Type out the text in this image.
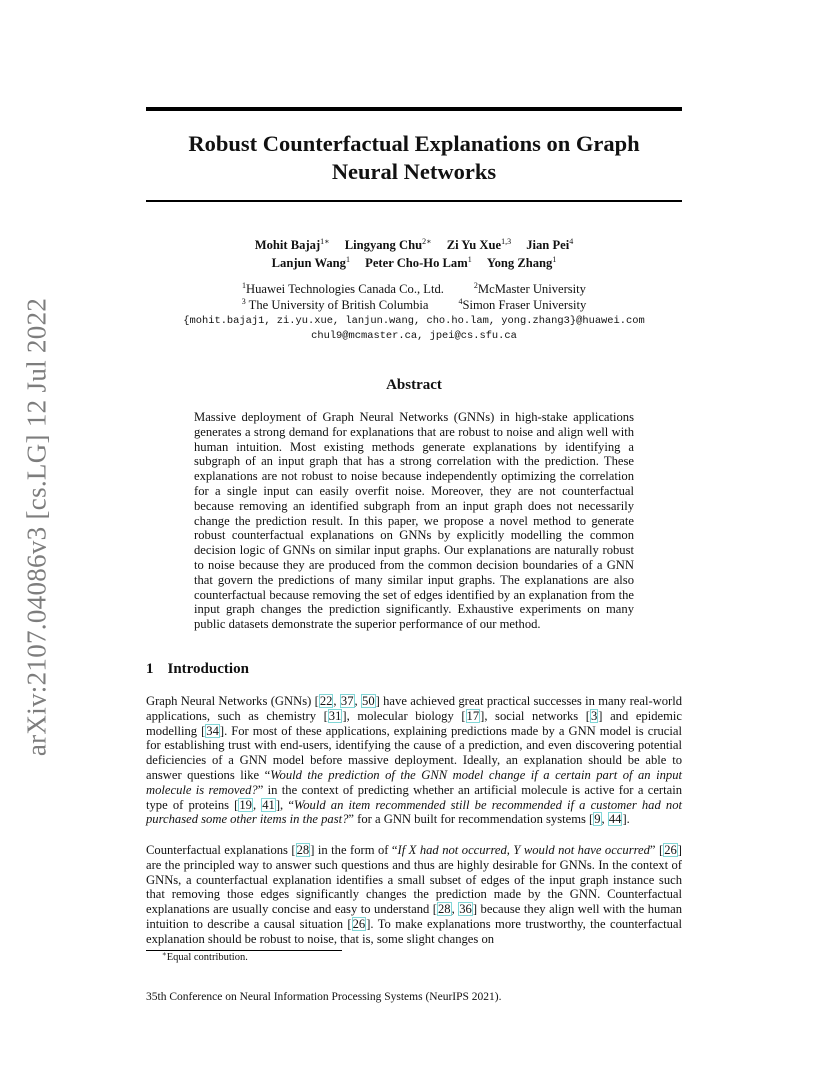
arXiv:2107.04086v3 [cs.LG] 12 Jul 2022
Robust Counterfactual Explanations on Graph
Neural Networks
Mohit Bajaj$^{1∗}$ Lingyang Chu$^{2∗}$ Zi Yu Xue$^{1,3}$ Jian Pei$^4$
Lanjun Wang$^1$ Peter Cho-Ho Lam$^1$ Yong Zhang$^1$
$^1$Huawei Technologies Canada Co., Ltd.	$^2$McMaster University
$^3$ The University of British Columbia	$^4$Simon Fraser University
{mohit.bajaj1, zi.yu.xue, lanjun.wang, cho.ho.lam, yong.zhang3}@huawei.com
chul9@mcmaster.ca, jpei@cs.sfu.ca
Abstract

Massive deployment of Graph Neural Networks (GNNs) in high-stake applications generates a strong demand for explanations that are robust to noise and align well with human intuition. Most existing methods generate explanations by identifying a subgraph of an input graph that has a strong correlation with the prediction. These explanations are not robust to noise because independently optimizing the correlation for a single input can easily overfit noise. Moreover, they are not counterfactual because removing an identified subgraph from an input graph does not necessarily change the prediction result. In this paper, we propose a novel method to generate robust counterfactual explanations on GNNs by explicitly modelling the common decision logic of GNNs on similar input graphs. Our explanations are naturally robust to noise because they are produced from the common decision boundaries of a GNN that govern the predictions of many similar input graphs. The explanations are also counterfactual because removing the set of edges identified by an explanation from the input graph changes the prediction significantly. Exhaustive experiments on many public datasets demonstrate the superior performance of our method.

1 Introduction

Graph Neural Networks (GNNs) [22, 37, 50] have achieved great practical successes in many real-world applications, such as chemistry [31], molecular biology [17], social networks [3] and epidemic modelling [34]. For most of these applications, explaining predictions made by a GNN model is crucial for establishing trust with end-users, identifying the cause of a prediction, and even discovering potential deficiencies of a GNN model before massive deployment. Ideally, an explanation should be able to answer questions like “Would the prediction of the GNN model change if a certain part of an input molecule is removed?” in the context of predicting whether an artificial molecule is active for a certain type of proteins [19, 41], “Would an item recommended still be recommended if a customer had not purchased some other items in the past?” for a GNN built for recommendation systems [9, 44].

Counterfactual explanations [28] in the form of “If X had not occurred, Y would not have occurred” [26] are the principled way to answer such questions and thus are highly desirable for GNNs. In the context of GNNs, a counterfactual explanation identifies a small subset of edges of the input graph instance such that removing those edges significantly changes the prediction made by the GNN. Counterfactual explanations are usually concise and easy to understand [28, 36] because they align well with the human intuition to describe a causal situation [26]. To make explanations more trustworthy, the counterfactual explanation should be robust to noise, that is, some slight changes on

∗Equal contribution.
35th Conference on Neural Information Processing Systems (NeurIPS 2021).
